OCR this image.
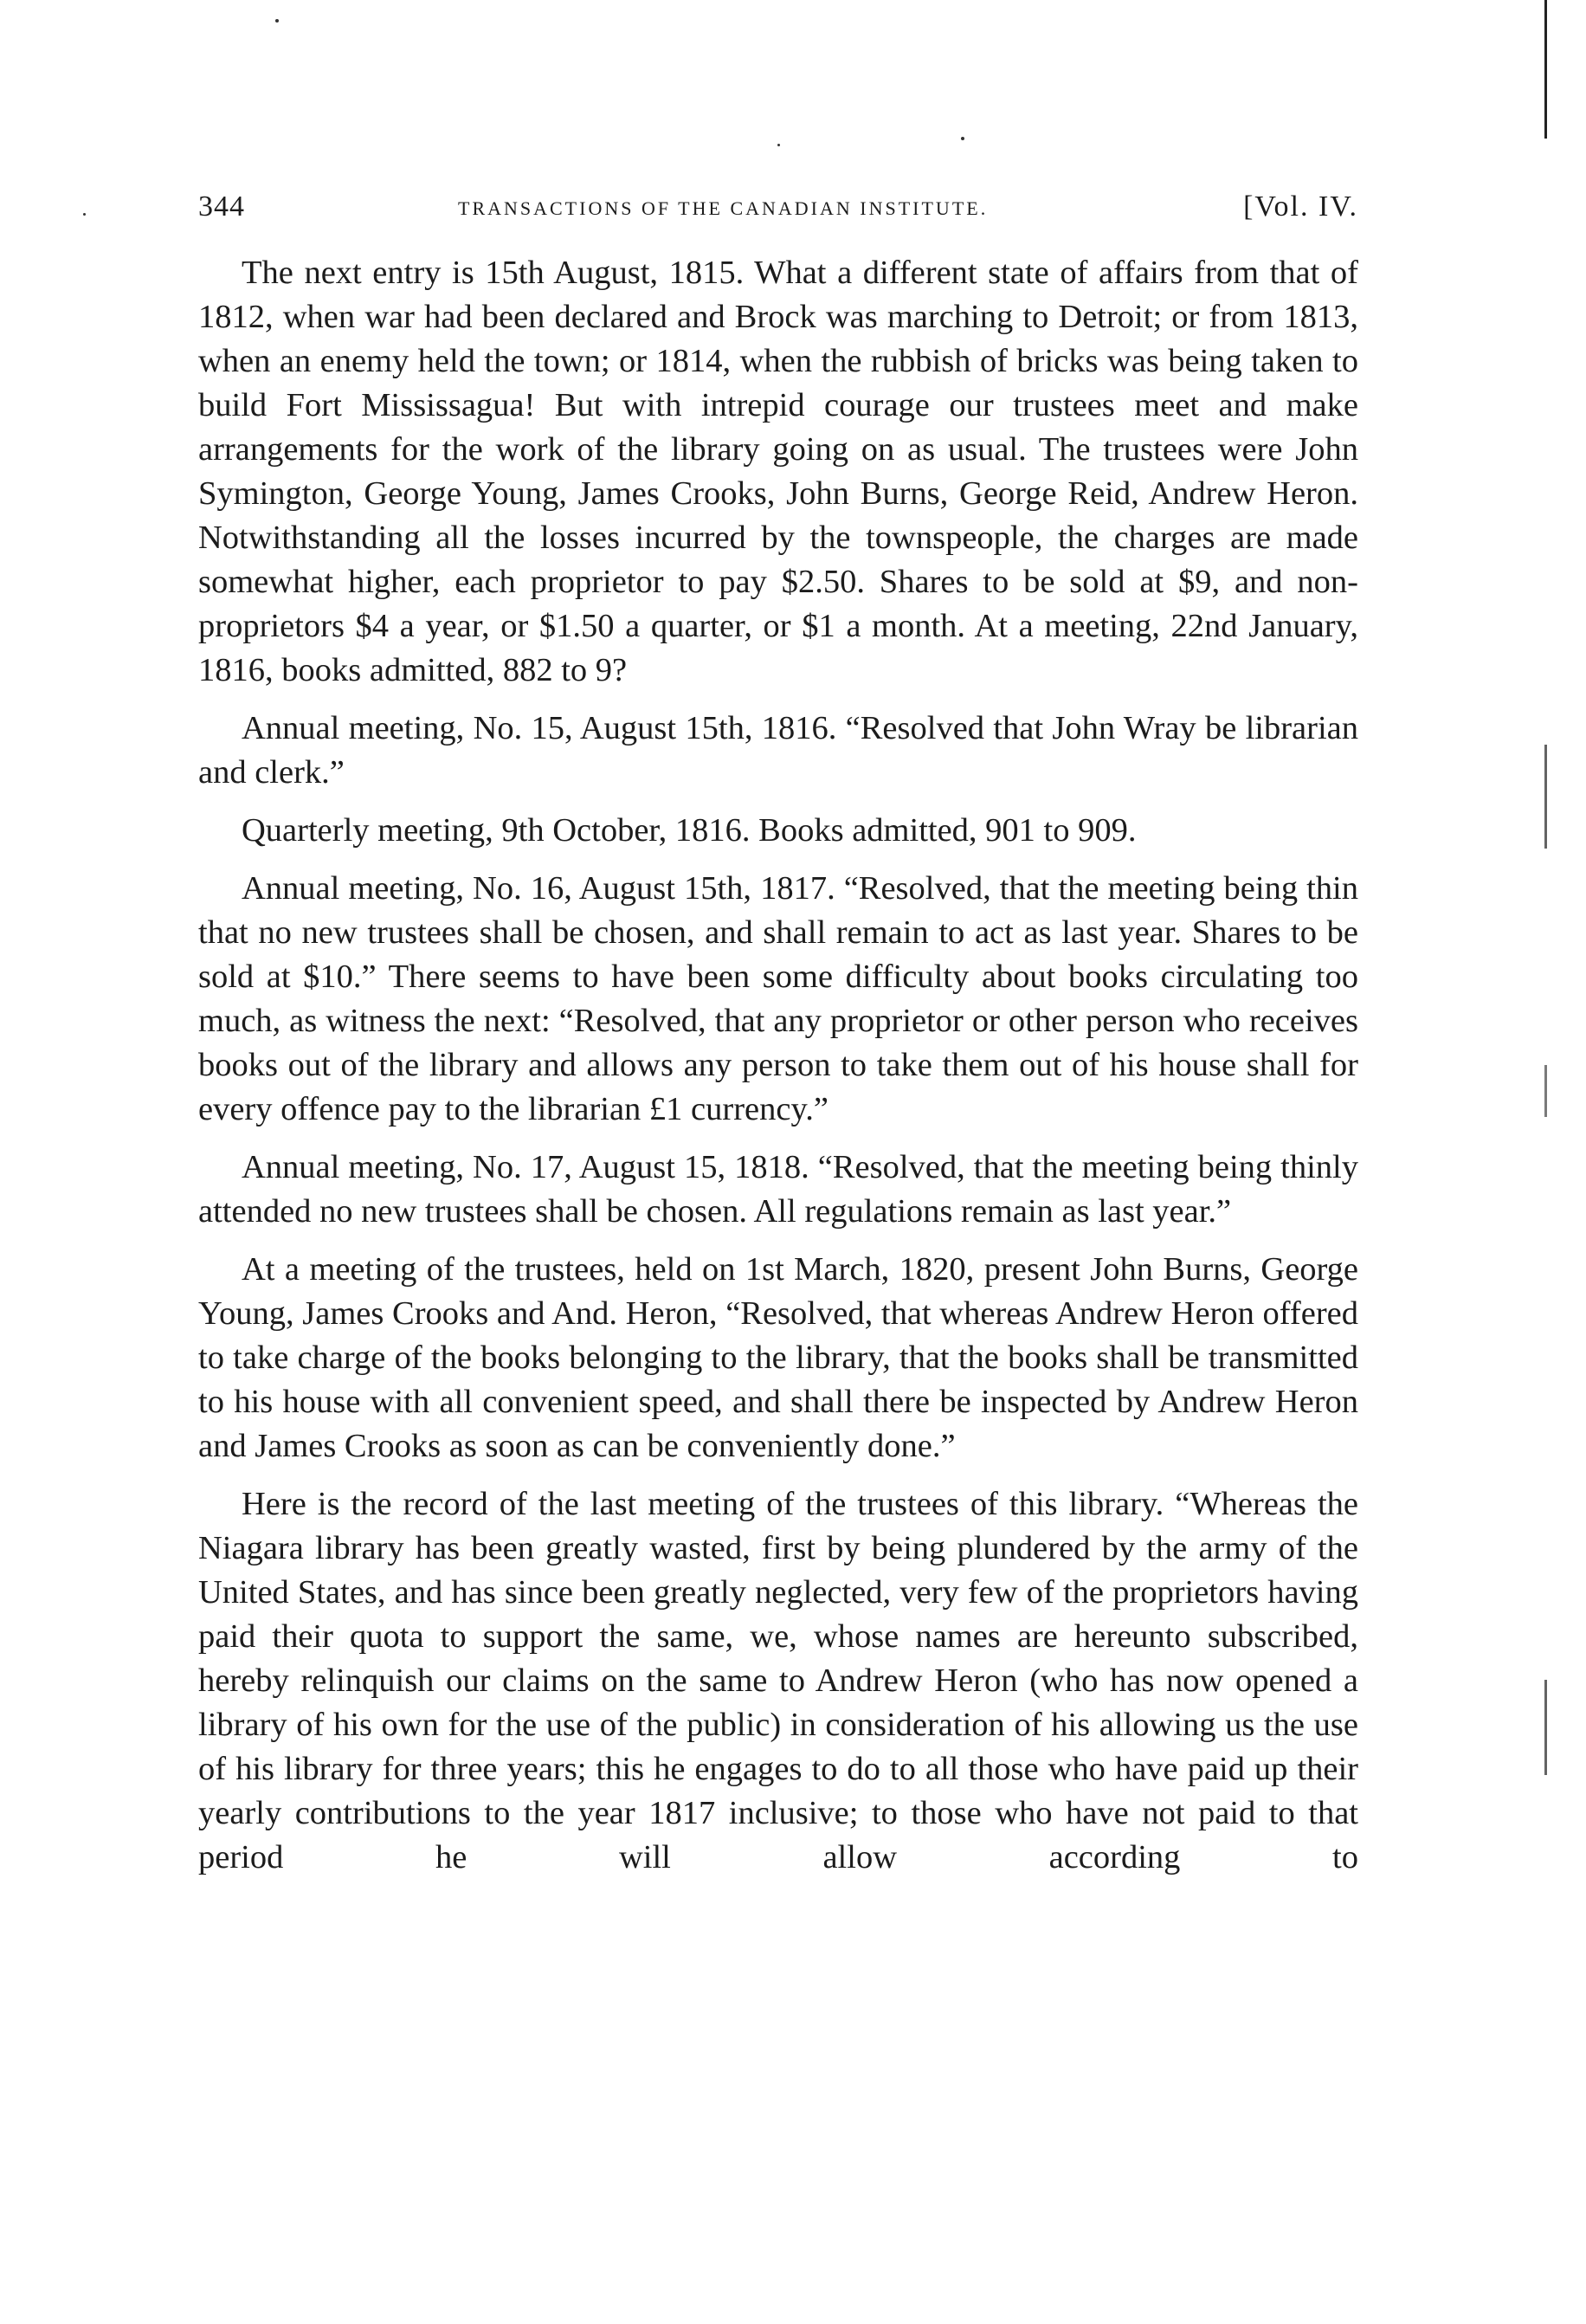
344	TRANSACTIONS OF THE CANADIAN INSTITUTE.	[Vol. IV.

The next entry is 15th August, 1815. What a different state of affairs from that of 1812, when war had been declared and Brock was marching to Detroit; or from 1813, when an enemy held the town; or 1814, when the rubbish of bricks was being taken to build Fort Mississagua! But with intrepid courage our trustees meet and make arrangements for the work of the library going on as usual. The trustees were John Symington, George Young, James Crooks, John Burns, George Reid, Andrew Heron. Notwithstanding all the losses incurred by the townspeople, the charges are made somewhat higher, each proprietor to pay $2.50. Shares to be sold at $9, and non-proprietors $4 a year, or $1.50 a quarter, or $1 a month. At a meeting, 22nd January, 1816, books admitted, 882 to 9?

Annual meeting, No. 15, August 15th, 1816. “Resolved that John Wray be librarian and clerk.”

Quarterly meeting, 9th October, 1816. Books admitted, 901 to 909.

Annual meeting, No. 16, August 15th, 1817. “Resolved, that the meeting being thin that no new trustees shall be chosen, and shall remain to act as last year. Shares to be sold at $10.” There seems to have been some difficulty about books circulating too much, as witness the next: “Resolved, that any proprietor or other person who receives books out of the library and allows any person to take them out of his house shall for every offence pay to the librarian £1 currency.”

Annual meeting, No. 17, August 15, 1818. “Resolved, that the meeting being thinly attended no new trustees shall be chosen. All regulations remain as last year.”

At a meeting of the trustees, held on 1st March, 1820, present John Burns, George Young, James Crooks and And. Heron, “Resolved, that whereas Andrew Heron offered to take charge of the books belonging to the library, that the books shall be transmitted to his house with all convenient speed, and shall there be inspected by Andrew Heron and James Crooks as soon as can be conveniently done.”

Here is the record of the last meeting of the trustees of this library. “Whereas the Niagara library has been greatly wasted, first by being plundered by the army of the United States, and has since been greatly neglected, very few of the proprietors having paid their quota to support the same, we, whose names are hereunto subscribed, hereby relinquish our claims on the same to Andrew Heron (who has now opened a library of his own for the use of the public) in consideration of his allowing us the use of his library for three years; this he engages to do to all those who have paid up their yearly contributions to the year 1817 inclusive; to those who have not paid to that period he will allow according to
